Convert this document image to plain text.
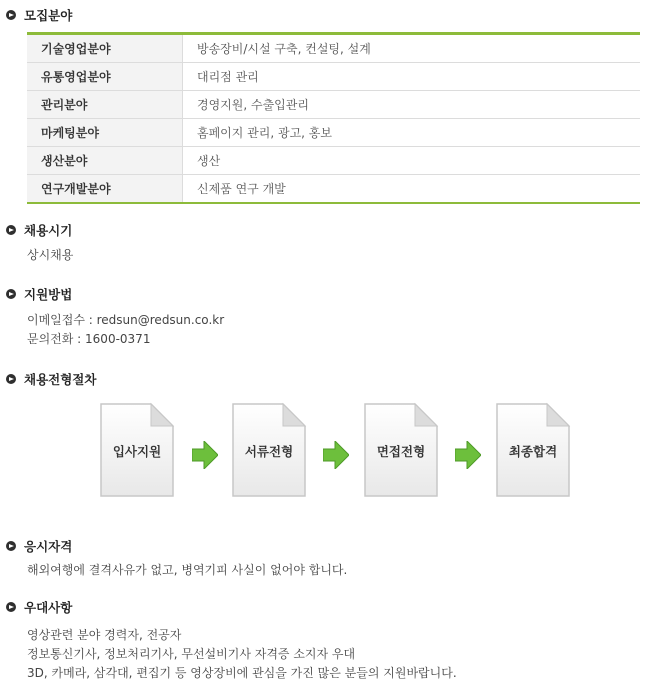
모집분야
기술영업분야	방송장비/시설 구축, 컨설팅, 설계
유통영업분야	대리점 관리
관리분야	경영지원, 수출입관리
마케팅분야	홈페이지 관리, 광고, 홍보
생산분야	생산
연구개발분야	신제품 연구 개발
채용시기
상시채용
지원방법
이메일접수 : redsun@redsun.co.kr
문의전화 : 1600-0371
채용전형절차
입사지원	서류전형	면접전형	최종합격
응시자격
해외여행에 결격사유가 없고, 병역기피 사실이 없어야 합니다.
우대사항
영상관련 분야 경력자, 전공자
정보통신기사, 정보처리기사, 무선설비기사 자격증 소지자 우대
3D, 카메라, 삼각대, 편집기 등 영상장비에 관심을 가진 많은 분들의 지원바랍니다.
